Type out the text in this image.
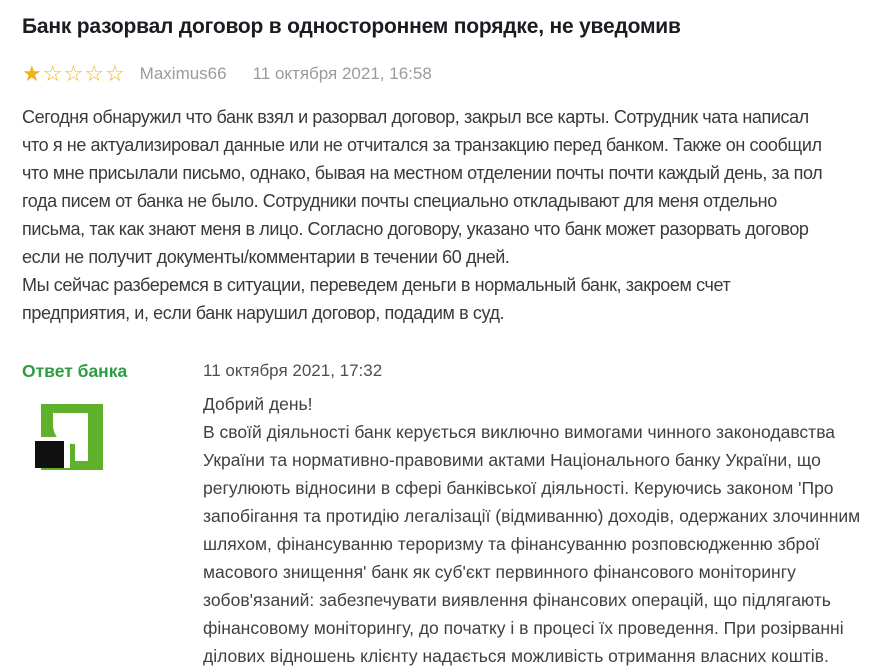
Банк разорвал договор в одностороннем порядке, не уведомив
★ ☆ ☆ ☆ ☆ Maximus66 11 октября 2021, 16:58

Сегодня обнаружил что банк взял и разорвал договор, закрыл все карты. Сотрудник чата написал что я не актуализировал данные или не отчитался за транзакцию перед банком. Также он сообщил что мне присылали письмо, однако, бывая на местном отделении почты почти каждый день, за пол года писем от банка не было. Сотрудники почты специально откладывают для меня отдельно письма, так как знают меня в лицо. Согласно договору, указано что банк может разорвать договор если не получит документы/комментарии в течении 60 дней.

Мы сейчас разберемся в ситуации, переведем деньги в нормальный банк, закроем счет предприятия, и, если банк нарушил договор, подадим в суд.

Ответ банка	11 октября 2021, 17:32

Добрий день!

В своїй діяльності банк керується виключно вимогами чинного законодавства України та нормативно-правовими актами Національного банку України, що регулюють відносини в сфері банківської діяльності. Керуючись законом 'Про запобігання та протидію легалізації (відмиванню) доходів, одержаних злочинним шляхом, фінансуванню тероризму та фінансуванню розповсюдженню зброї масового знищення' банк як суб'єкт первинного фінансового моніторингу зобов'язаний: забезпечувати виявлення фінансових операцій, що підлягають фінансовому моніторингу, до початку і в процесі їх проведення. При розірванні ділових відношень клієнту надається можливість отримання власних коштів.
